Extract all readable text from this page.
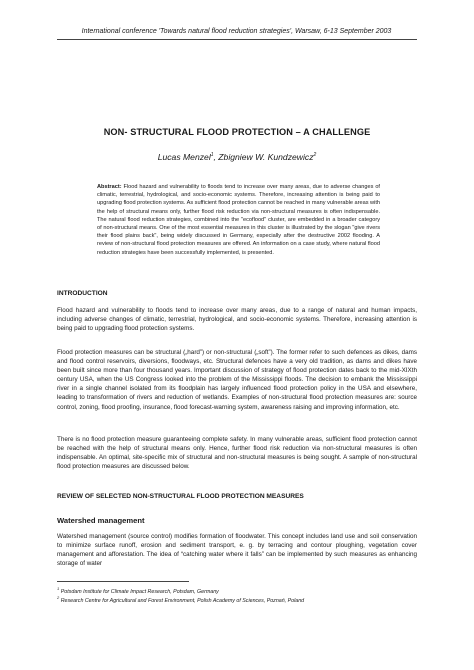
International conference 'Towards natural flood reduction strategies', Warsaw, 6-13 September 2003
NON- STRUCTURAL FLOOD PROTECTION – A CHALLENGE
Lucas Menzel$^1$, Zbigniew W. Kundzewicz$^2$
Abstract: Flood hazard and vulnerability to floods tend to increase over many areas, due to adverse changes of climatic, terrestrial, hydrological, and socio-economic systems. Therefore, increasing attention is being paid to upgrading flood protection systems. As sufficient flood protection cannot be reached in many vulnerable areas with the help of structural means only, further flood risk reduction via non-structural measures is often indispensable. The natural flood reduction strategies, combined into the "ecoflood" cluster, are embedded in a broader category of non-structural means. One of the most essential measures in this cluster is illustrated by the slogan "give rivers their flood plains back", being widely discussed in Germany, especially after the destructive 2002 flooding. A review of non-structural flood protection measures are offered. An information on a case study, where natural flood reduction strategies have been successfully implemented, is presented.
INTRODUCTION
Flood hazard and vulnerability to floods tend to increase over many areas, due to a range of natural and human impacts, including adverse changes of climatic, terrestrial, hydrological, and socio-economic systems. Therefore, increasing attention is being paid to upgrading flood protection systems.
Flood protection measures can be structural („hard”) or non-structural („soft”). The former refer to such defences as dikes, dams and flood control reservoirs, diversions, floodways, etc. Structural defences have a very old tradition, as dams and dikes have been built since more than four thousand years. Important discussion of strategy of flood protection dates back to the mid-XIXth century USA, when the US Congress looked into the problem of the Mississippi floods. The decision to embank the Mississippi river in a single channel isolated from its floodplain has largely influenced flood protection policy in the USA and elsewhere, leading to transformation of rivers and reduction of wetlands. Examples of non-structural flood protection measures are: source control, zoning, flood proofing, insurance, flood forecast-warning system, awareness raising and improving information, etc.
There is no flood protection measure guaranteeing complete safety. In many vulnerable areas, sufficient flood protection cannot be reached with the help of structural means only. Hence, further flood risk reduction via non-structural measures is often indispensable. An optimal, site-specific mix of structural and non-structural measures is being sought. A sample of non-structural flood protection measures are discussed below.
REVIEW OF SELECTED NON-STRUCTURAL FLOOD PROTECTION MEASURES
Watershed management
Watershed management (source control) modifies formation of floodwater. This concept includes land use and soil conservation to minimize surface runoff, erosion and sediment transport, e. g. by terracing and contour ploughing, vegetation cover management and afforestation. The idea of “catching water where it falls” can be implemented by such measures as enhancing storage of water
$^1$ Potsdam Institute for Climate Impact Research, Potsdam, Germany
$^2$ Research Centre for Agricultural and Forest Environment, Polish Academy of Sciences, Poznań, Poland
